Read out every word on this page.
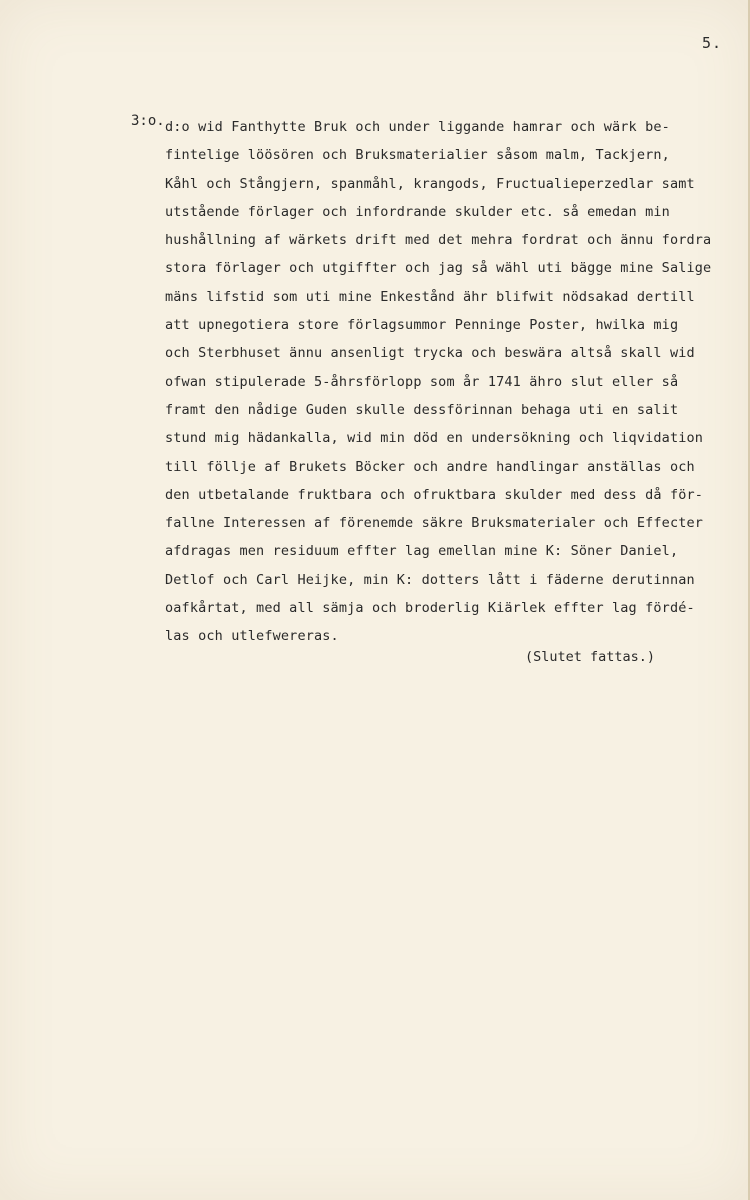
5.
3:o. d:o wid Fanthytte Bruk och under liggande hamrar och wärk be-
fintelige löösören och Bruksmaterialier såsom malm, Tackjern,
Kåhl och Stångjern, spanmåhl, krangods, Fructualieperzedlar samt
utstående förlager och infordrande skulder etc. så emedan min
hushållning af wärkets drift med det mehra fordrat och ännu fordra
stora förlager och utgiffter och jag så wähl uti bägge mine Salige
mäns lifstid som uti mine Enkestånd ähr blifwit nödsakad dertill
att upnegotiera store förlagsummor Penninge Poster, hwilka mig
och Sterbhuset ännu ansenligt trycka och beswära altså skall wid
ofwan stipulerade 5-åhrsförlopp som år 1741 ähro slut eller så
framt den nådige Guden skulle dessförinnan behaga uti en salit
stund mig hädankalla, wid min död en undersökning och liqvidation
till föllje af Brukets Böcker och andre handlingar anställas och
den utbetalande fruktbara och ofruktbara skulder med dess då för-
fallne Interessen af förenemde säkre Bruksmaterialer och Effecter
afdragas men residuum effter lag emellan mine K: Söner Daniel,
Detlof och Carl Heijke, min K: dotters lått i fäderne derutinnan
oafkårtat, med all sämja och broderlig Kiärlek effter lag fördé-
las och utlefwereras.
(Slutet fattas.)
